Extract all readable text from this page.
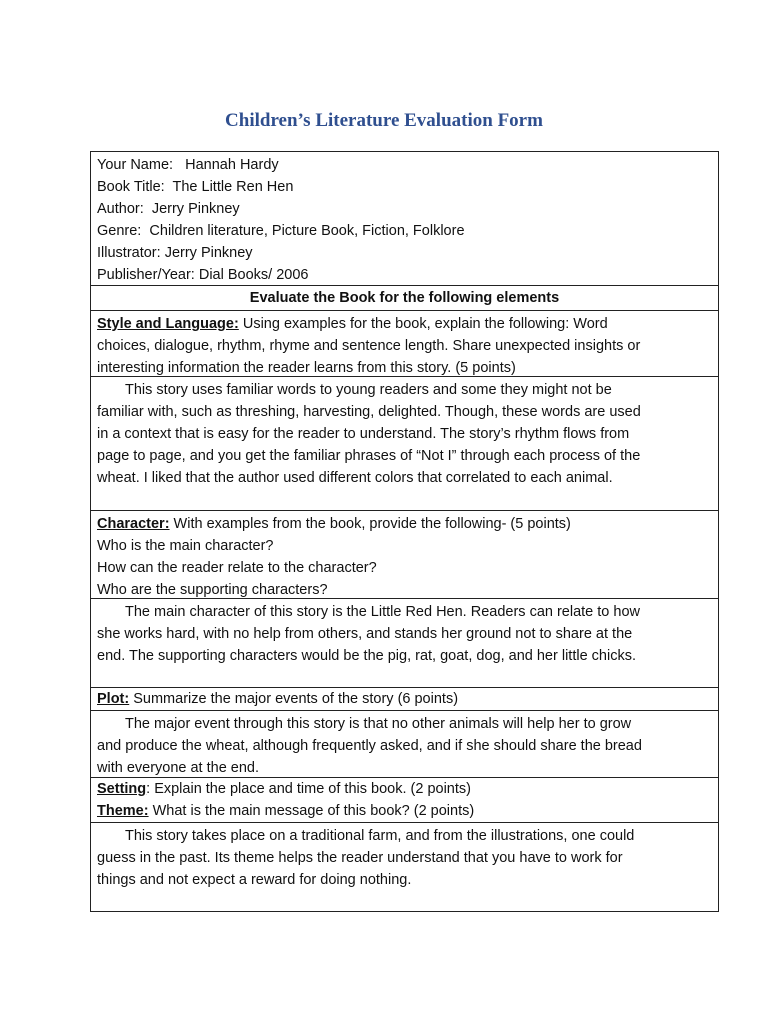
Children’s Literature Evaluation Form
Your Name: Hannah Hardy
Book Title: The Little Ren Hen
Author: Jerry Pinkney
Genre: Children literature, Picture Book, Fiction, Folklore
Illustrator: Jerry Pinkney
Publisher/Year: Dial Books/ 2006
Evaluate the Book for the following elements
Style and Language: Using examples for the book, explain the following: Word
choices, dialogue, rhythm, rhyme and sentence length. Share unexpected insights or
interesting information the reader learns from this story. (5 points)
This story uses familiar words to young readers and some they might not be
familiar with, such as threshing, harvesting, delighted. Though, these words are used
in a context that is easy for the reader to understand. The story’s rhythm flows from
page to page, and you get the familiar phrases of “Not I” through each process of the
wheat. I liked that the author used different colors that correlated to each animal.
Character: With examples from the book, provide the following- (5 points)
Who is the main character?
How can the reader relate to the character?
Who are the supporting characters?
The main character of this story is the Little Red Hen. Readers can relate to how
she works hard, with no help from others, and stands her ground not to share at the
end. The supporting characters would be the pig, rat, goat, dog, and her little chicks.
Plot: Summarize the major events of the story (6 points)
The major event through this story is that no other animals will help her to grow
and produce the wheat, although frequently asked, and if she should share the bread
with everyone at the end.
Setting: Explain the place and time of this book. (2 points)
Theme: What is the main message of this book? (2 points)
This story takes place on a traditional farm, and from the illustrations, one could
guess in the past. Its theme helps the reader understand that you have to work for
things and not expect a reward for doing nothing.
